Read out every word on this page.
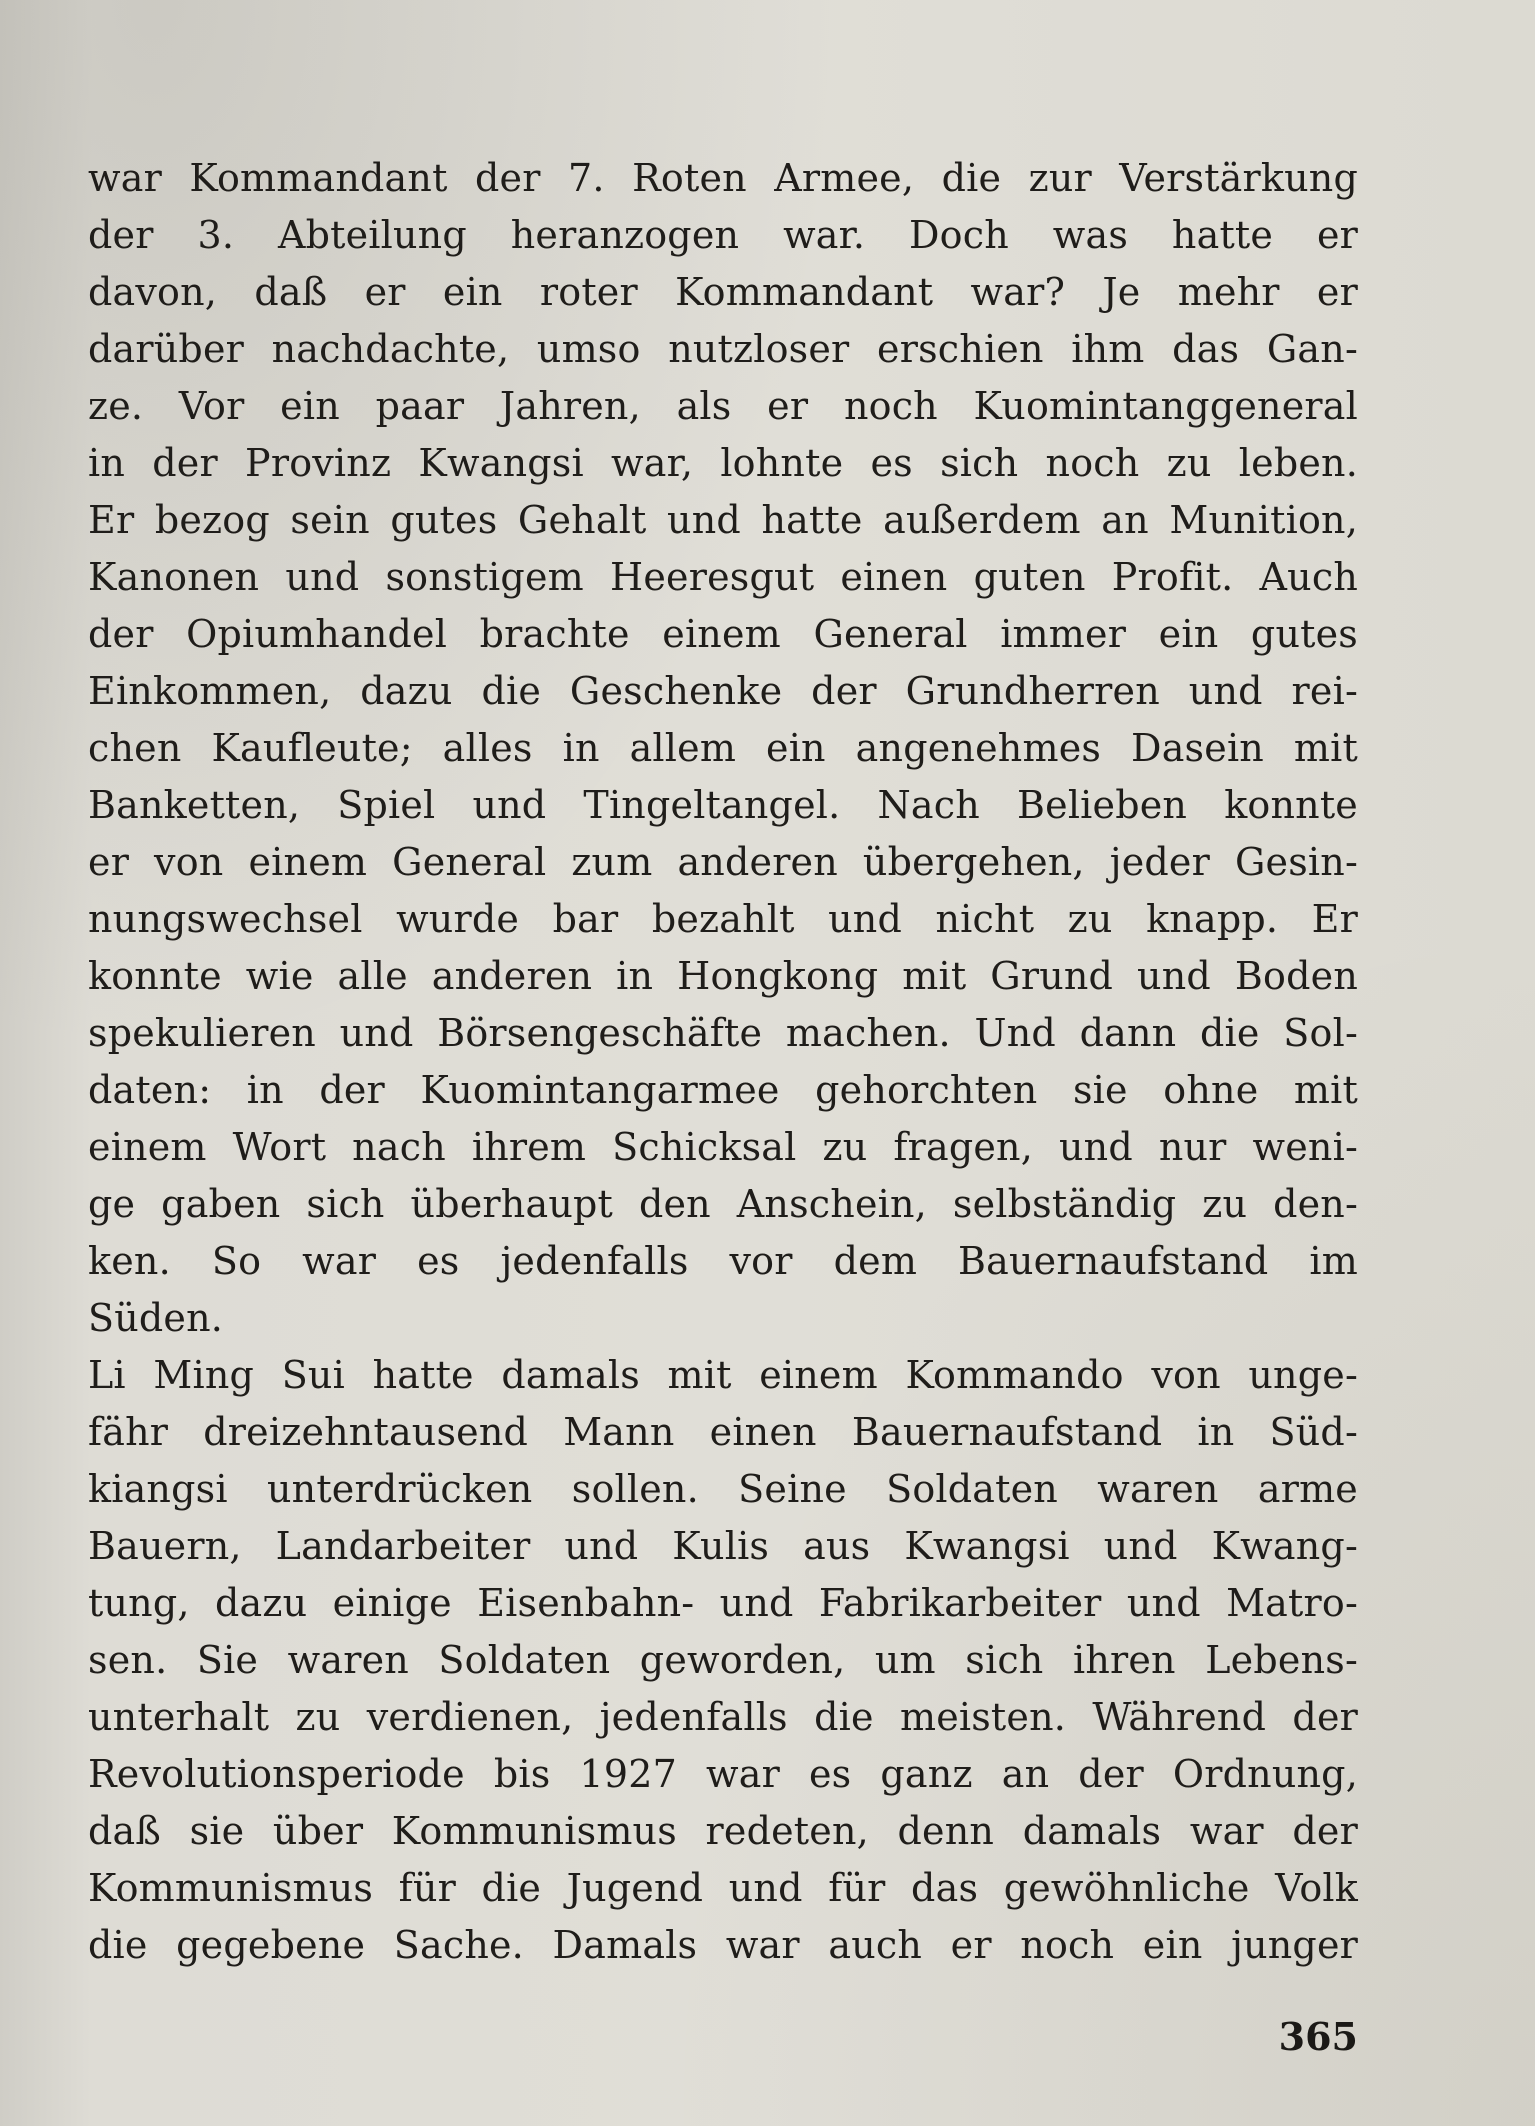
war Kommandant der 7. Roten Armee, die zur Verstärkung
der 3. Abteilung heranzogen war. Doch was hatte er
davon, daß er ein roter Kommandant war? Je mehr er
darüber nachdachte, umso nutzloser erschien ihm das Gan-
ze. Vor ein paar Jahren, als er noch Kuomintanggeneral
in der Provinz Kwangsi war, lohnte es sich noch zu leben.
Er bezog sein gutes Gehalt und hatte außerdem an Munition,
Kanonen und sonstigem Heeresgut einen guten Profit. Auch
der Opiumhandel brachte einem General immer ein gutes
Einkommen, dazu die Geschenke der Grundherren und rei-
chen Kaufleute; alles in allem ein angenehmes Dasein mit
Banketten, Spiel und Tingeltangel. Nach Belieben konnte
er von einem General zum anderen übergehen, jeder Gesin-
nungswechsel wurde bar bezahlt und nicht zu knapp. Er
konnte wie alle anderen in Hongkong mit Grund und Boden
spekulieren und Börsengeschäfte machen. Und dann die Sol-
daten: in der Kuomintangarmee gehorchten sie ohne mit
einem Wort nach ihrem Schicksal zu fragen, und nur weni-
ge gaben sich überhaupt den Anschein, selbständig zu den-
ken. So war es jedenfalls vor dem Bauernaufstand im
Süden.
Li Ming Sui hatte damals mit einem Kommando von unge-
fähr dreizehntausend Mann einen Bauernaufstand in Süd-
kiangsi unterdrücken sollen. Seine Soldaten waren arme
Bauern, Landarbeiter und Kulis aus Kwangsi und Kwang-
tung, dazu einige Eisenbahn- und Fabrikarbeiter und Matro-
sen. Sie waren Soldaten geworden, um sich ihren Lebens-
unterhalt zu verdienen, jedenfalls die meisten. Während der
Revolutionsperiode bis 1927 war es ganz an der Ordnung,
daß sie über Kommunismus redeten, denn damals war der
Kommunismus für die Jugend und für das gewöhnliche Volk
die gegebene Sache. Damals war auch er noch ein junger
365
